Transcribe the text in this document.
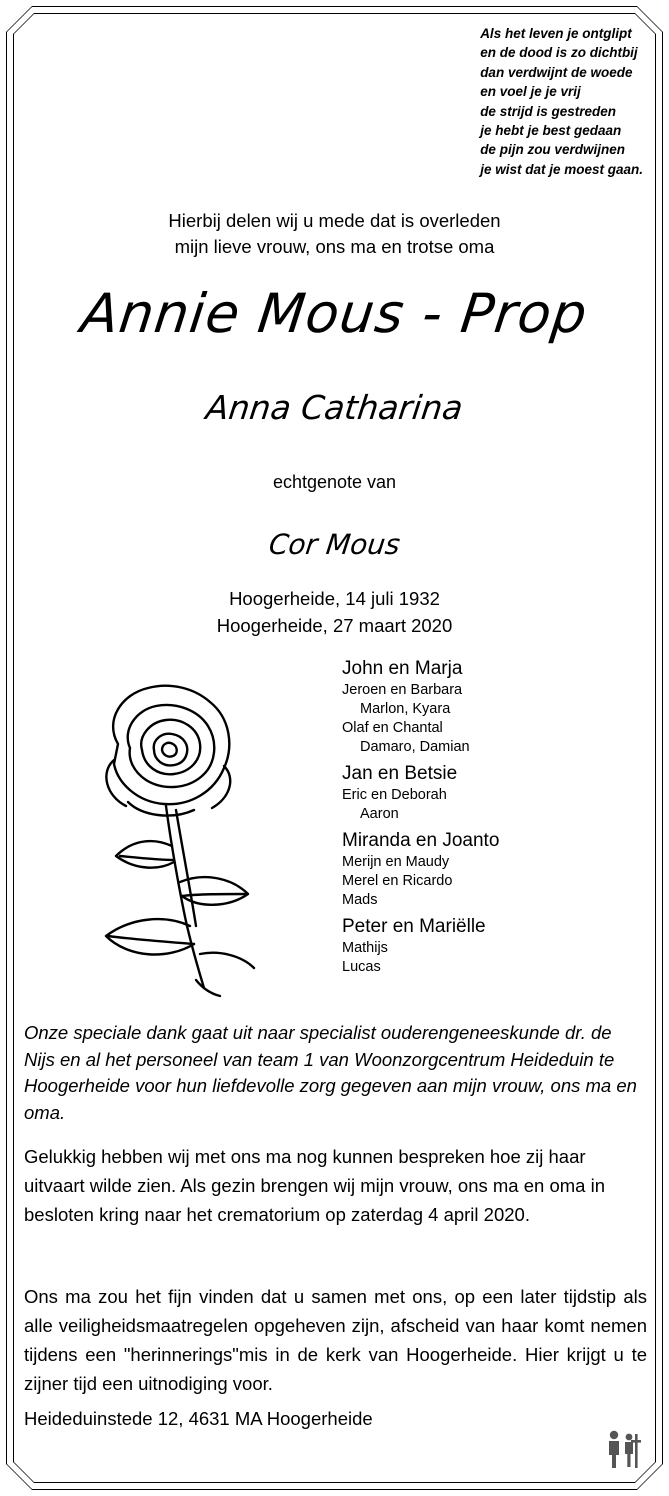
Als het leven je ontglipt
en de dood is zo dichtbij
dan verdwijnt de woede
en voel je je vrij
de strijd is gestreden
je hebt je best gedaan
de pijn zou verdwijnen
je wist dat je moest gaan.
Hierbij delen wij u mede dat is overleden
mijn lieve vrouw, ons ma en trotse oma
Annie Mous - Prop
Anna Catharina
echtgenote van
Cor Mous
Hoogerheide, 14 juli 1932
Hoogerheide, 27 maart 2020
John en Marja
Jeroen en Barbara
Marlon, Kyara
Olaf en Chantal
Damaro, Damian
Jan en Betsie
Eric en Deborah
Aaron
Miranda en Joanto
Merijn en Maudy
Merel en Ricardo
Mads
Peter en Mariëlle
Mathijs
Lucas
Onze speciale dank gaat uit naar specialist ouderengeneeskunde dr. de Nijs en al het personeel van team 1 van Woonzorgcentrum Heideduin te Hoogerheide voor hun liefdevolle zorg gegeven aan mijn vrouw, ons ma en oma.
Gelukkig hebben wij met ons ma nog kunnen bespreken hoe zij haar uitvaart wilde zien. Als gezin brengen wij mijn vrouw, ons ma en oma in besloten kring naar het crematorium op zaterdag 4 april 2020.
Ons ma zou het fijn vinden dat u samen met ons, op een later tijdstip als alle veiligheidsmaatregelen opgeheven zijn, afscheid van haar komt nemen tijdens een "herinnerings"mis in de kerk van Hoogerheide. Hier krijgt u te zijner tijd een uitnodiging voor.
Heideduinstede 12, 4631 MA Hoogerheide
